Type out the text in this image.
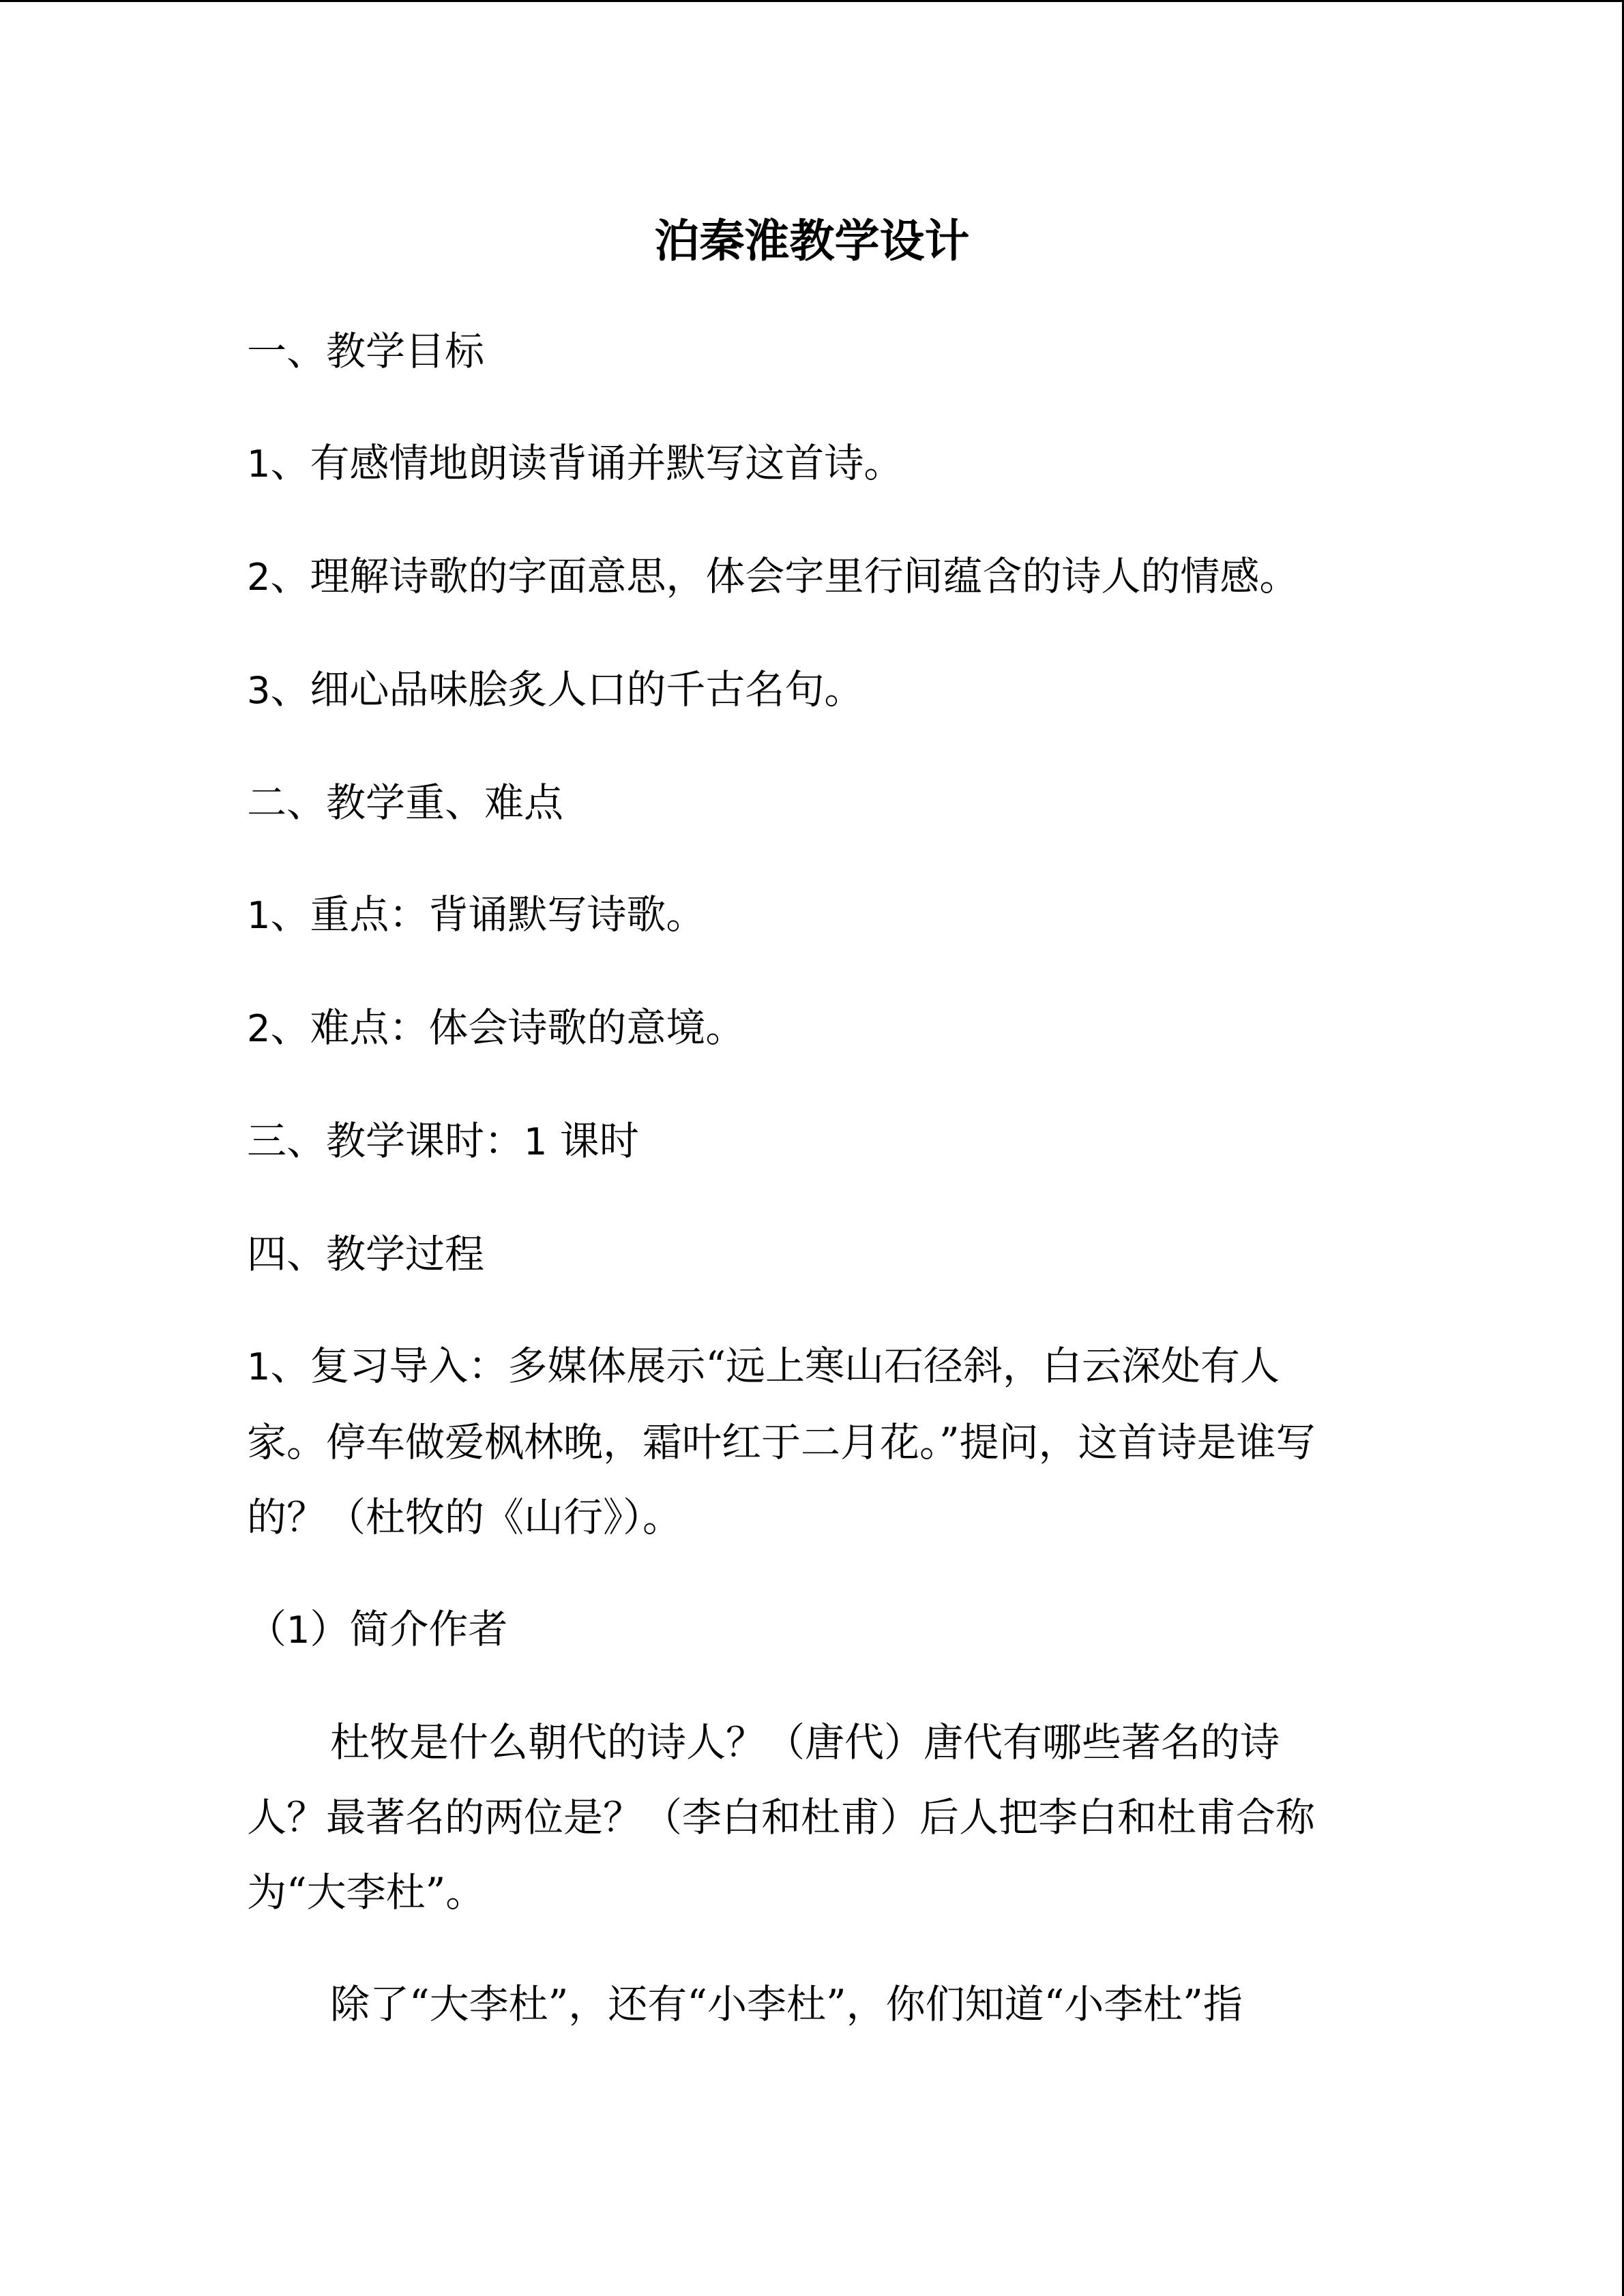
泊秦淮教学设计

一、教学目标

1、有感情地朗读背诵并默写这首诗。

2、理解诗歌的字面意思，体会字里行间蕴含的诗人的情感。

3、细心品味脍炙人口的千古名句。

二、教学重、难点

1、重点：背诵默写诗歌。

2、难点：体会诗歌的意境。

三、教学课时：1 课时

四、教学过程

1、复习导入：多媒体展示“远上寒山石径斜，白云深处有人

家。停车做爱枫林晚，霜叶红于二月花。”提问，这首诗是谁写

的？（杜牧的《山行》）。

（1）简介作者

杜牧是什么朝代的诗人？（唐代）唐代有哪些著名的诗

人？最著名的两位是？（李白和杜甫）后人把李白和杜甫合称

为“大李杜”。

除了“大李杜”，还有“小李杜”，你们知道“小李杜”指
